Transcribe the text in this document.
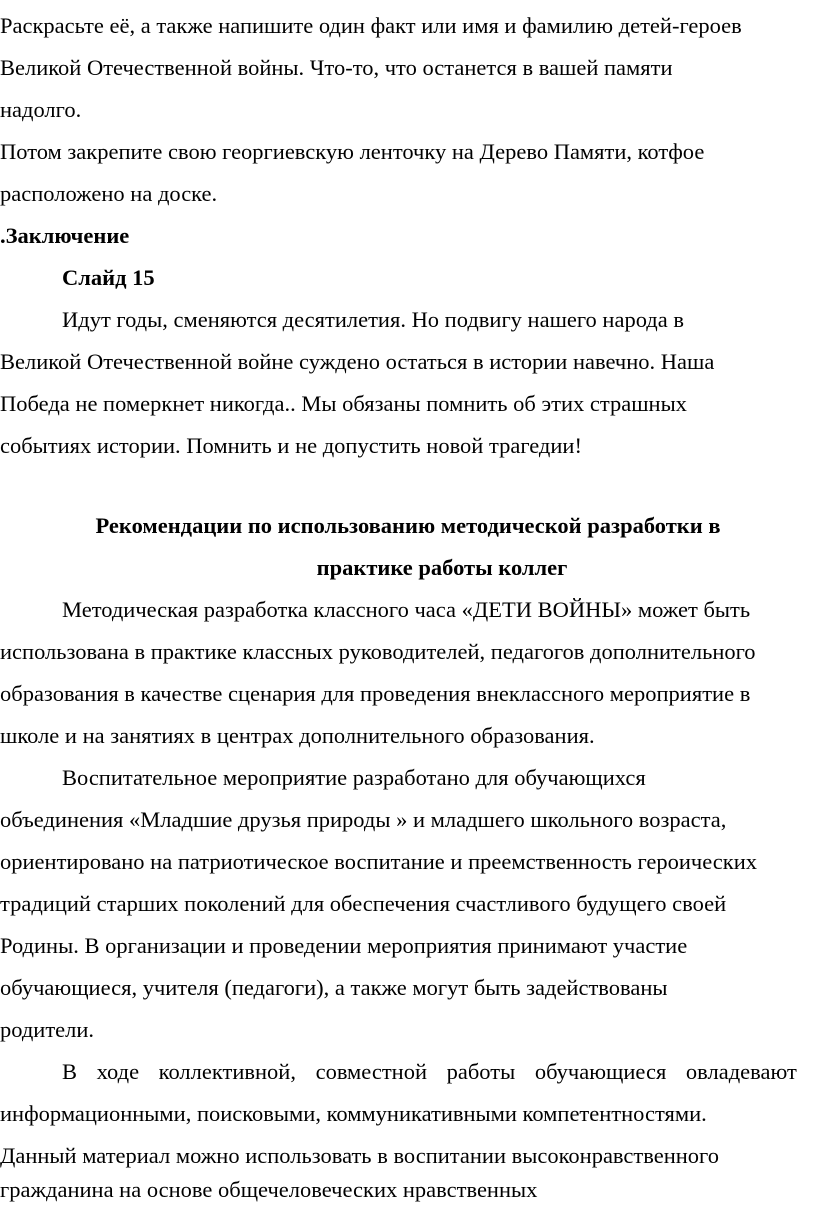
Раскрасьте её, а также напишите один факт или имя и фамилию детей-героев
Великой Отечественной войны. Что-то, что останется в вашей памяти
надолго.
Потом закрепите свою георгиевскую ленточку на Дерево Памяти, котфое
расположено на доске.
.Заключение
Слайд 15
Идут годы, сменяются десятилетия. Но подвигу нашего народа в
Великой Отечественной войне суждено остаться в истории навечно. Наша
Победа не померкнет никогда.. Мы обязаны помнить об этих страшных
событиях истории. Помнить и не допустить новой трагедии!
Рекомендации по использованию методической разработки в
практике работы коллег
Методическая разработка классного часа «ДЕТИ ВОЙНЫ» может быть
использована в практике классных руководителей, педагогов дополнительного
образования в качестве сценария для проведения внеклассного мероприятие в
школе и на занятиях в центрах дополнительного образования.
Воспитательное мероприятие разработано для обучающихся
объединения «Младшие друзья природы » и младшего школьного возраста,
ориентировано на патриотическое воспитание и преемственность героических
традиций старших поколений для обеспечения счастливого будущего своей
Родины. В организации и проведении мероприятия принимают участие
обучающиеся, учителя (педагоги), а также могут быть задействованы
родители.
В ходе коллективной, совместной работы обучающиеся овладевают
информационными, поисковыми, коммуникативными компетентностями.
Данный материал можно использовать в воспитании высоконравственного
гражданина на основе общечеловеческих нравственных
